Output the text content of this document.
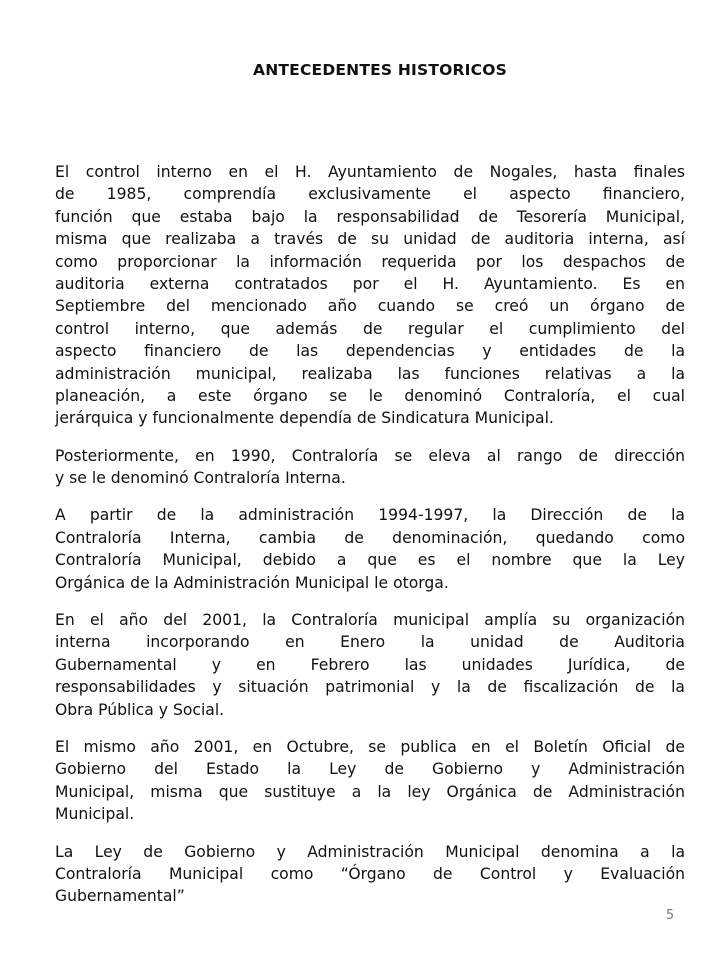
ANTECEDENTES HISTORICOS
El control interno en el H. Ayuntamiento de Nogales, hasta finales
de 1985, comprendía exclusivamente el aspecto financiero,
función que estaba bajo la responsabilidad de Tesorería Municipal,
misma que realizaba a través de su unidad de auditoria interna, así
como proporcionar la información requerida por los despachos de
auditoria externa contratados por el H. Ayuntamiento. Es en
Septiembre del mencionado año cuando se creó un órgano de
control interno, que además de regular el cumplimiento del
aspecto financiero de las dependencias y entidades de la
administración municipal, realizaba las funciones relativas a la
planeación, a este órgano se le denominó Contraloría, el cual
jerárquica y funcionalmente dependía de Sindicatura Municipal.
Posteriormente, en 1990, Contraloría se eleva al rango de dirección
y se le denominó Contraloría Interna.
A partir de la administración 1994-1997, la Dirección de la
Contraloría Interna, cambia de denominación, quedando como
Contraloría Municipal, debido a que es el nombre que la Ley
Orgánica de la Administración Municipal le otorga.
En el año del 2001, la Contraloría municipal amplía su organización
interna incorporando en Enero la unidad de Auditoria
Gubernamental y en Febrero las unidades Jurídica, de
responsabilidades y situación patrimonial y la de fiscalización de la
Obra Pública y Social.
El mismo año 2001, en Octubre, se publica en el Boletín Oficial de
Gobierno del Estado la Ley de Gobierno y Administración
Municipal, misma que sustituye a la ley Orgánica de Administración
Municipal.
La Ley de Gobierno y Administración Municipal denomina a la
Contraloría Municipal como “Órgano de Control y Evaluación
Gubernamental”
5
